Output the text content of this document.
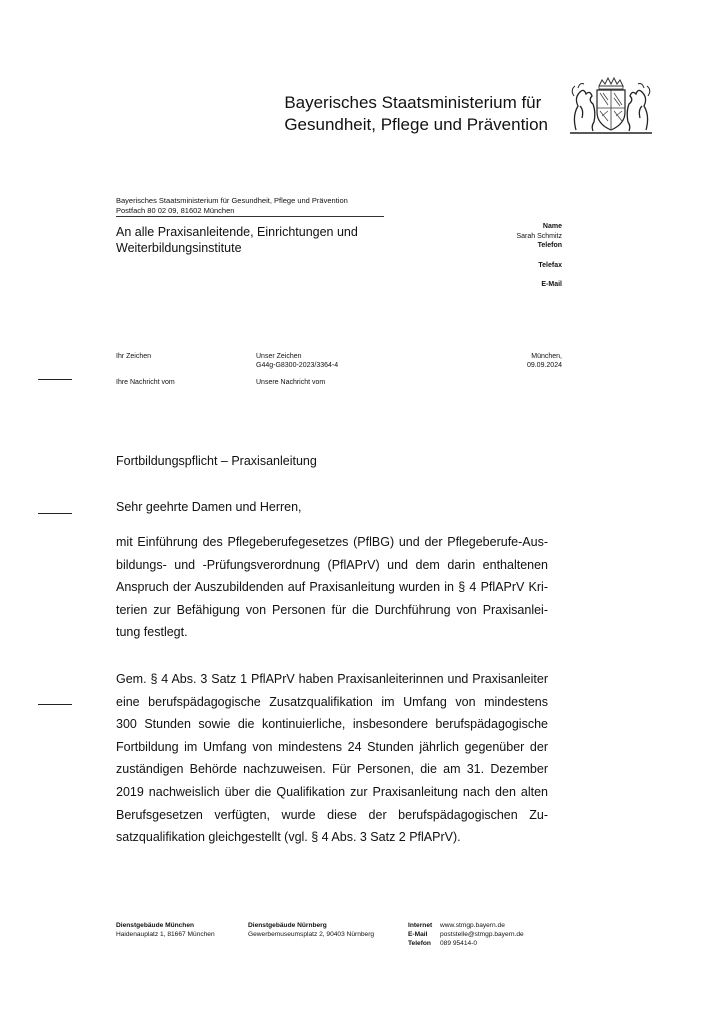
Bayerisches Staatsministerium für
Gesundheit, Pflege und Prävention
Bayerisches Staatsministerium für Gesundheit, Pflege und Prävention
Postfach 80 02 09, 81602 München
An alle Praxisanleitende, Einrichtungen und
Weiterbildungsinstitute
Name
Sarah Schmitz
Telefon
Telefax
E-Mail
Ihr Zeichen	Unser Zeichen
G44g-G8300-2023/3364-4
München,
09.09.2024
Ihre Nachricht vom	Unsere Nachricht vom
Fortbildungspflicht – Praxisanleitung
Sehr geehrte Damen und Herren,
mit Einführung des Pflegeberufegesetzes (PflBG) und der Pflegeberufe-Aus-
bildungs- und -Prüfungsverordnung (PflAPrV) und dem darin enthaltenen
Anspruch der Auszubildenden auf Praxisanleitung wurden in § 4 PflAPrV Kri-
terien zur Befähigung von Personen für die Durchführung von Praxisanlei-
tung festlegt.
Gem. § 4 Abs. 3 Satz 1 PflAPrV haben Praxisanleiterinnen und Praxisanleiter
eine berufspädagogische Zusatzqualifikation im Umfang von mindestens
300 Stunden sowie die kontinuierliche, insbesondere berufspädagogische
Fortbildung im Umfang von mindestens 24 Stunden jährlich gegenüber der
zuständigen Behörde nachzuweisen. Für Personen, die am 31. Dezember
2019 nachweislich über die Qualifikation zur Praxisanleitung nach den alten
Berufsgesetzen verfügten, wurde diese der berufspädagogischen Zu-
satzqualifikation gleichgestellt (vgl. § 4 Abs. 3 Satz 2 PflAPrV).
Dienstgebäude München
Haidenauplatz 1, 81667 München
Dienstgebäude Nürnberg
Gewerbemuseumsplatz 2, 90403 Nürnberg
Internet www.stmgp.bayern.de
E-Mail poststelle@stmgp.bayern.de
Telefon 089 95414-0
